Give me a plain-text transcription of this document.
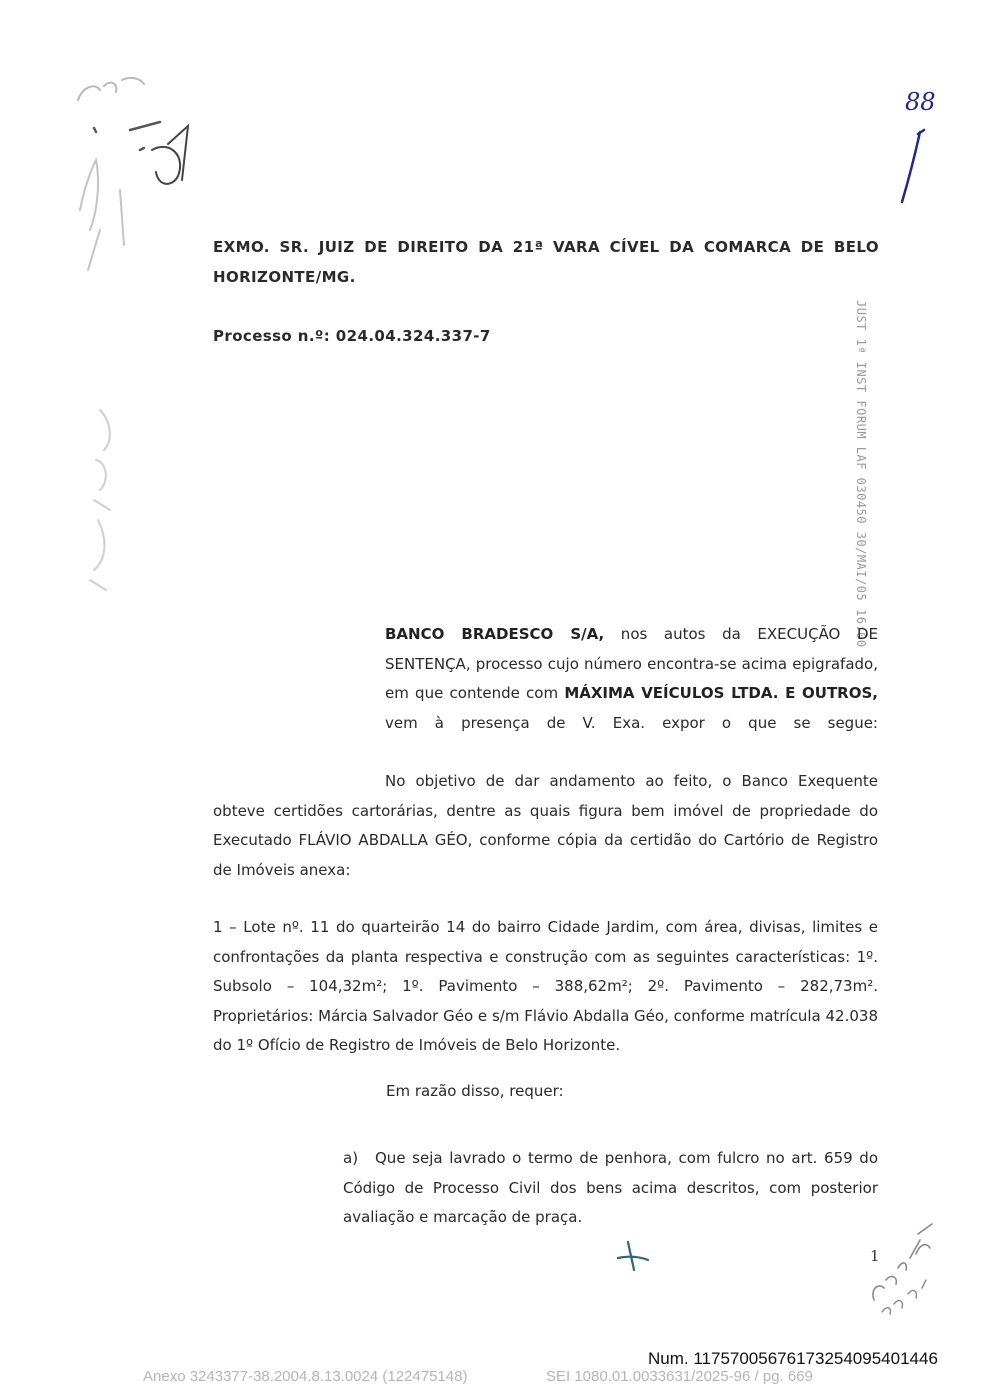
88
EXMO. SR. JUIZ DE DIREITO DA 21ª VARA CÍVEL DA COMARCA DE BELO
HORIZONTE/MG.
Processo n.º: 024.04.324.337-7	JUST 1ª INST FORUM LAF 030450 30/MAI/05 16:00
BANCO BRADESCO S/A, nos autos da EXECUÇÃO DE SENTENÇA, processo cujo número encontra-se acima epigrafado, em que contende com MÁXIMA VEÍCULOS LTDA. E OUTROS, vem à presença de V. Exa. expor o que se segue:
No objetivo de dar andamento ao feito, o Banco Exequente obteve certidões cartorárias, dentre as quais figura bem imóvel de propriedade do Executado FLÁVIO ABDALLA GÉO, conforme cópia da certidão do Cartório de Registro de Imóveis anexa:
1 – Lote nº. 11 do quarteirão 14 do bairro Cidade Jardim, com área, divisas, limites e confrontações da planta respectiva e construção com as seguintes características: 1º. Subsolo – 104,32m²; 1º. Pavimento – 388,62m²; 2º. Pavimento – 282,73m². Proprietários: Márcia Salvador Géo e s/m Flávio Abdalla Géo, conforme matrícula 42.038 do 1º Ofício de Registro de Imóveis de Belo Horizonte.
Em razão disso, requer:
a)	Que seja lavrado o termo de penhora, com fulcro no art. 659 do Código de Processo Civil dos bens acima descritos, com posterior avaliação e marcação de praça.
1
Num. 11757005676173254095401446
Anexo 3243377-38.2004.8.13.0024 (122475148)	SEI 1080.01.0033631/2025-96 / pg. 669
